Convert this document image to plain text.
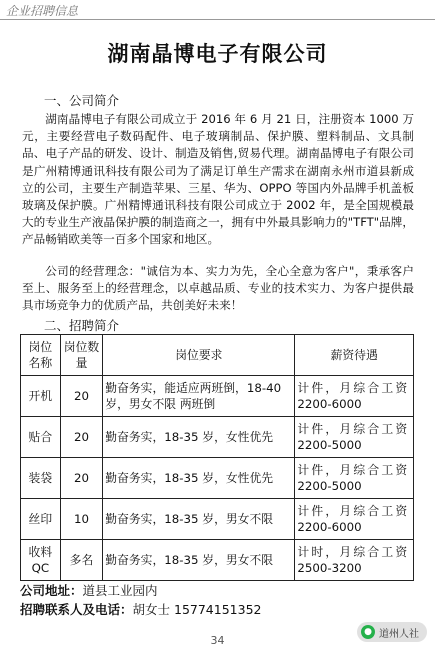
企业招聘信息
湖南晶博电子有限公司
一、公司简介
湖南晶博电子有限公司成立于 2016 年 6 月 21 日，注册资本 1000 万元，主要经营电子数码配件、电子玻璃制品、保护膜、塑料制品、文具制品、电子产品的研发、设计、制造及销售,贸易代理。湖南晶博电子有限公司是广州精博通讯科技有限公司为了满足订单生产需求在湖南永州市道县新成立的公司，主要生产制造苹果、三星、华为、OPPO 等国内外品牌手机盖板玻璃及保护膜。广州精博通讯科技有限公司成立于 2002 年，是全国规模最大的专业生产液晶保护膜的制造商之一，拥有中外最具影响力的"TFT"品牌，产品畅销欧美等一百多个国家和地区。
公司的经营理念："诚信为本、实力为先，全心全意为客户"，秉承客户至上、服务至上的经营理念，以卓越品质、专业的技术实力、为客户提供最具市场竞争力的优质产品，共创美好未来！
二、招聘简介
岗位名称	岗位数量	岗位要求	薪资待遇
开机	20	勤奋务实，能适应两班倒，18-40 岁，男女不限 两班倒	计件，月综合工资
2200-6000
贴合	20	勤奋务实，18-35 岁，女性优先	计件，月综合工资
2200-5000
装袋	20	勤奋务实，18-35 岁，女性优先	计件，月综合工资
2200-5000
丝印	10	勤奋务实，18-35 岁，男女不限	计件，月综合工资
2200-6000
收料 QC	多名	勤奋务实，18-35 岁，男女不限	计时，月综合工资
2500-3200
公司地址：道县工业园内
招聘联系人及电话：胡女士 15774151352
34
● 道州人社
